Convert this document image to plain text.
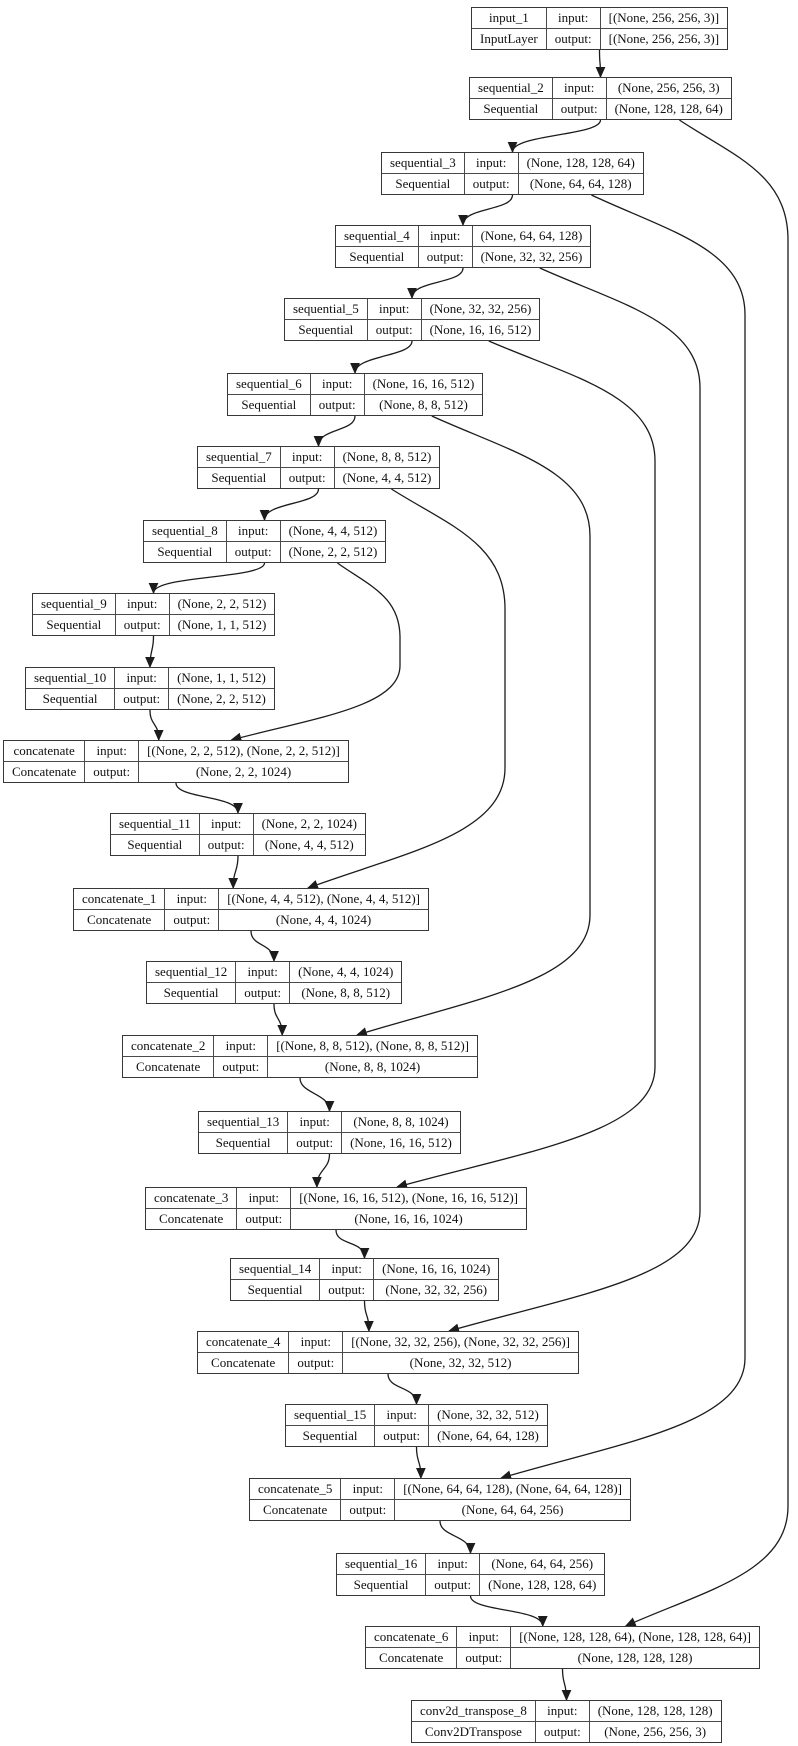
input_1	input:	[(None, 256, 256, 3)]
InputLayer	output:	[(None, 256, 256, 3)]
sequential_2	input:	(None, 256, 256, 3)
Sequential	output:	(None, 128, 128, 64)
sequential_3	input:	(None, 128, 128, 64)
Sequential	output:	(None, 64, 64, 128)
sequential_4	input:	(None, 64, 64, 128)
Sequential	output:	(None, 32, 32, 256)
sequential_5	input:	(None, 32, 32, 256)
Sequential	output:	(None, 16, 16, 512)
sequential_6	input:	(None, 16, 16, 512)
Sequential	output:	(None, 8, 8, 512)
sequential_7	input:	(None, 8, 8, 512)
Sequential	output:	(None, 4, 4, 512)
sequential_8	input:	(None, 4, 4, 512)
Sequential	output:	(None, 2, 2, 512)
sequential_9	input:	(None, 2, 2, 512)
Sequential	output:	(None, 1, 1, 512)
sequential_10	input:	(None, 1, 1, 512)
Sequential	output:	(None, 2, 2, 512)
concatenate	input:	[(None, 2, 2, 512), (None, 2, 2, 512)]
Concatenate	output:	(None, 2, 2, 1024)
sequential_11	input:	(None, 2, 2, 1024)
Sequential	output:	(None, 4, 4, 512)
concatenate_1	input:	[(None, 4, 4, 512), (None, 4, 4, 512)]
Concatenate	output:	(None, 4, 4, 1024)
sequential_12	input:	(None, 4, 4, 1024)
Sequential	output:	(None, 8, 8, 512)
concatenate_2	input:	[(None, 8, 8, 512), (None, 8, 8, 512)]
Concatenate	output:	(None, 8, 8, 1024)
sequential_13	input:	(None, 8, 8, 1024)
Sequential	output:	(None, 16, 16, 512)
concatenate_3	input:	[(None, 16, 16, 512), (None, 16, 16, 512)]
Concatenate	output:	(None, 16, 16, 1024)
sequential_14	input:	(None, 16, 16, 1024)
Sequential	output:	(None, 32, 32, 256)
concatenate_4	input:	[(None, 32, 32, 256), (None, 32, 32, 256)]
Concatenate	output:	(None, 32, 32, 512)
sequential_15	input:	(None, 32, 32, 512)
Sequential	output:	(None, 64, 64, 128)
concatenate_5	input:	[(None, 64, 64, 128), (None, 64, 64, 128)]
Concatenate	output:	(None, 64, 64, 256)
sequential_16	input:	(None, 64, 64, 256)
Sequential	output:	(None, 128, 128, 64)
concatenate_6	input:	[(None, 128, 128, 64), (None, 128, 128, 64)]
Concatenate	output:	(None, 128, 128, 128)
conv2d_transpose_8	input:	(None, 128, 128, 128)
Conv2DTranspose	output:	(None, 256, 256, 3)
